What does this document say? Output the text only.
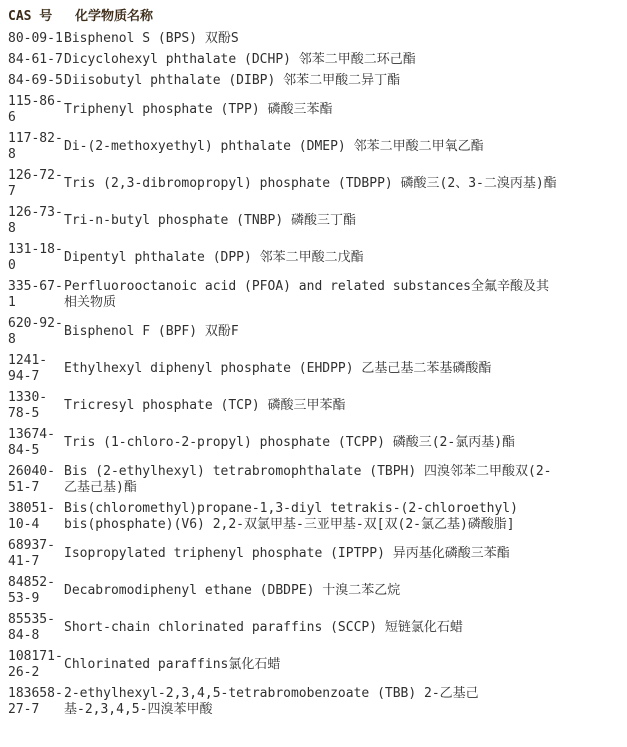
CAS 号	化学物质名称
80-09-1	Bisphenol S (BPS) 双酚S
84-61-7	Dicyclohexyl phthalate (DCHP) 邻苯二甲酸二环己酯
84-69-5	Diisobutyl phthalate (DIBP) 邻苯二甲酸二异丁酯
115-86-6	Triphenyl phosphate (TPP) 磷酸三苯酯
117-82-8	Di-(2-methoxyethyl) phthalate (DMEP) 邻苯二甲酸二甲氧乙酯
126-72-7	Tris (2,3-dibromopropyl) phosphate (TDBPP) 磷酸三(2、3-二溴丙基)酯
126-73-8	Tri-n-butyl phosphate (TNBP) 磷酸三丁酯
131-18-0	Dipentyl phthalate (DPP) 邻苯二甲酸二戊酯
335-67-1	Perfluorooctanoic acid (PFOA) and related substances全氟辛酸及其相关物质
620-92-8	Bisphenol F (BPF) 双酚F
1241-94-7	Ethylhexyl diphenyl phosphate (EHDPP) 乙基己基二苯基磷酸酯
1330-78-5	Tricresyl phosphate (TCP) 磷酸三甲苯酯
13674-84-5	Tris (1-chloro-2-propyl) phosphate (TCPP) 磷酸三(2-氯丙基)酯
26040-51-7	Bis (2-ethylhexyl) tetrabromophthalate (TBPH) 四溴邻苯二甲酸双(2-乙基己基)酯
38051-10-4	Bis(chloromethyl)propane-1,3-diyl tetrakis-(2-chloroethyl) bis(phosphate)(V6) 2,2-双氯甲基-三亚甲基-双[双(2-氯乙基)磷酸脂]
68937-41-7	Isopropylated triphenyl phosphate (IPTPP) 异丙基化磷酸三苯酯
84852-53-9	Decabromodiphenyl ethane (DBDPE) 十溴二苯乙烷
85535-84-8	Short-chain chlorinated paraffins (SCCP) 短链氯化石蜡
108171-26-2	Chlorinated paraffins氯化石蜡
183658-27-7	2-ethylhexyl-2,3,4,5-tetrabromobenzoate (TBB) 2-乙基己基-2,3,4,5-四溴苯甲酸
